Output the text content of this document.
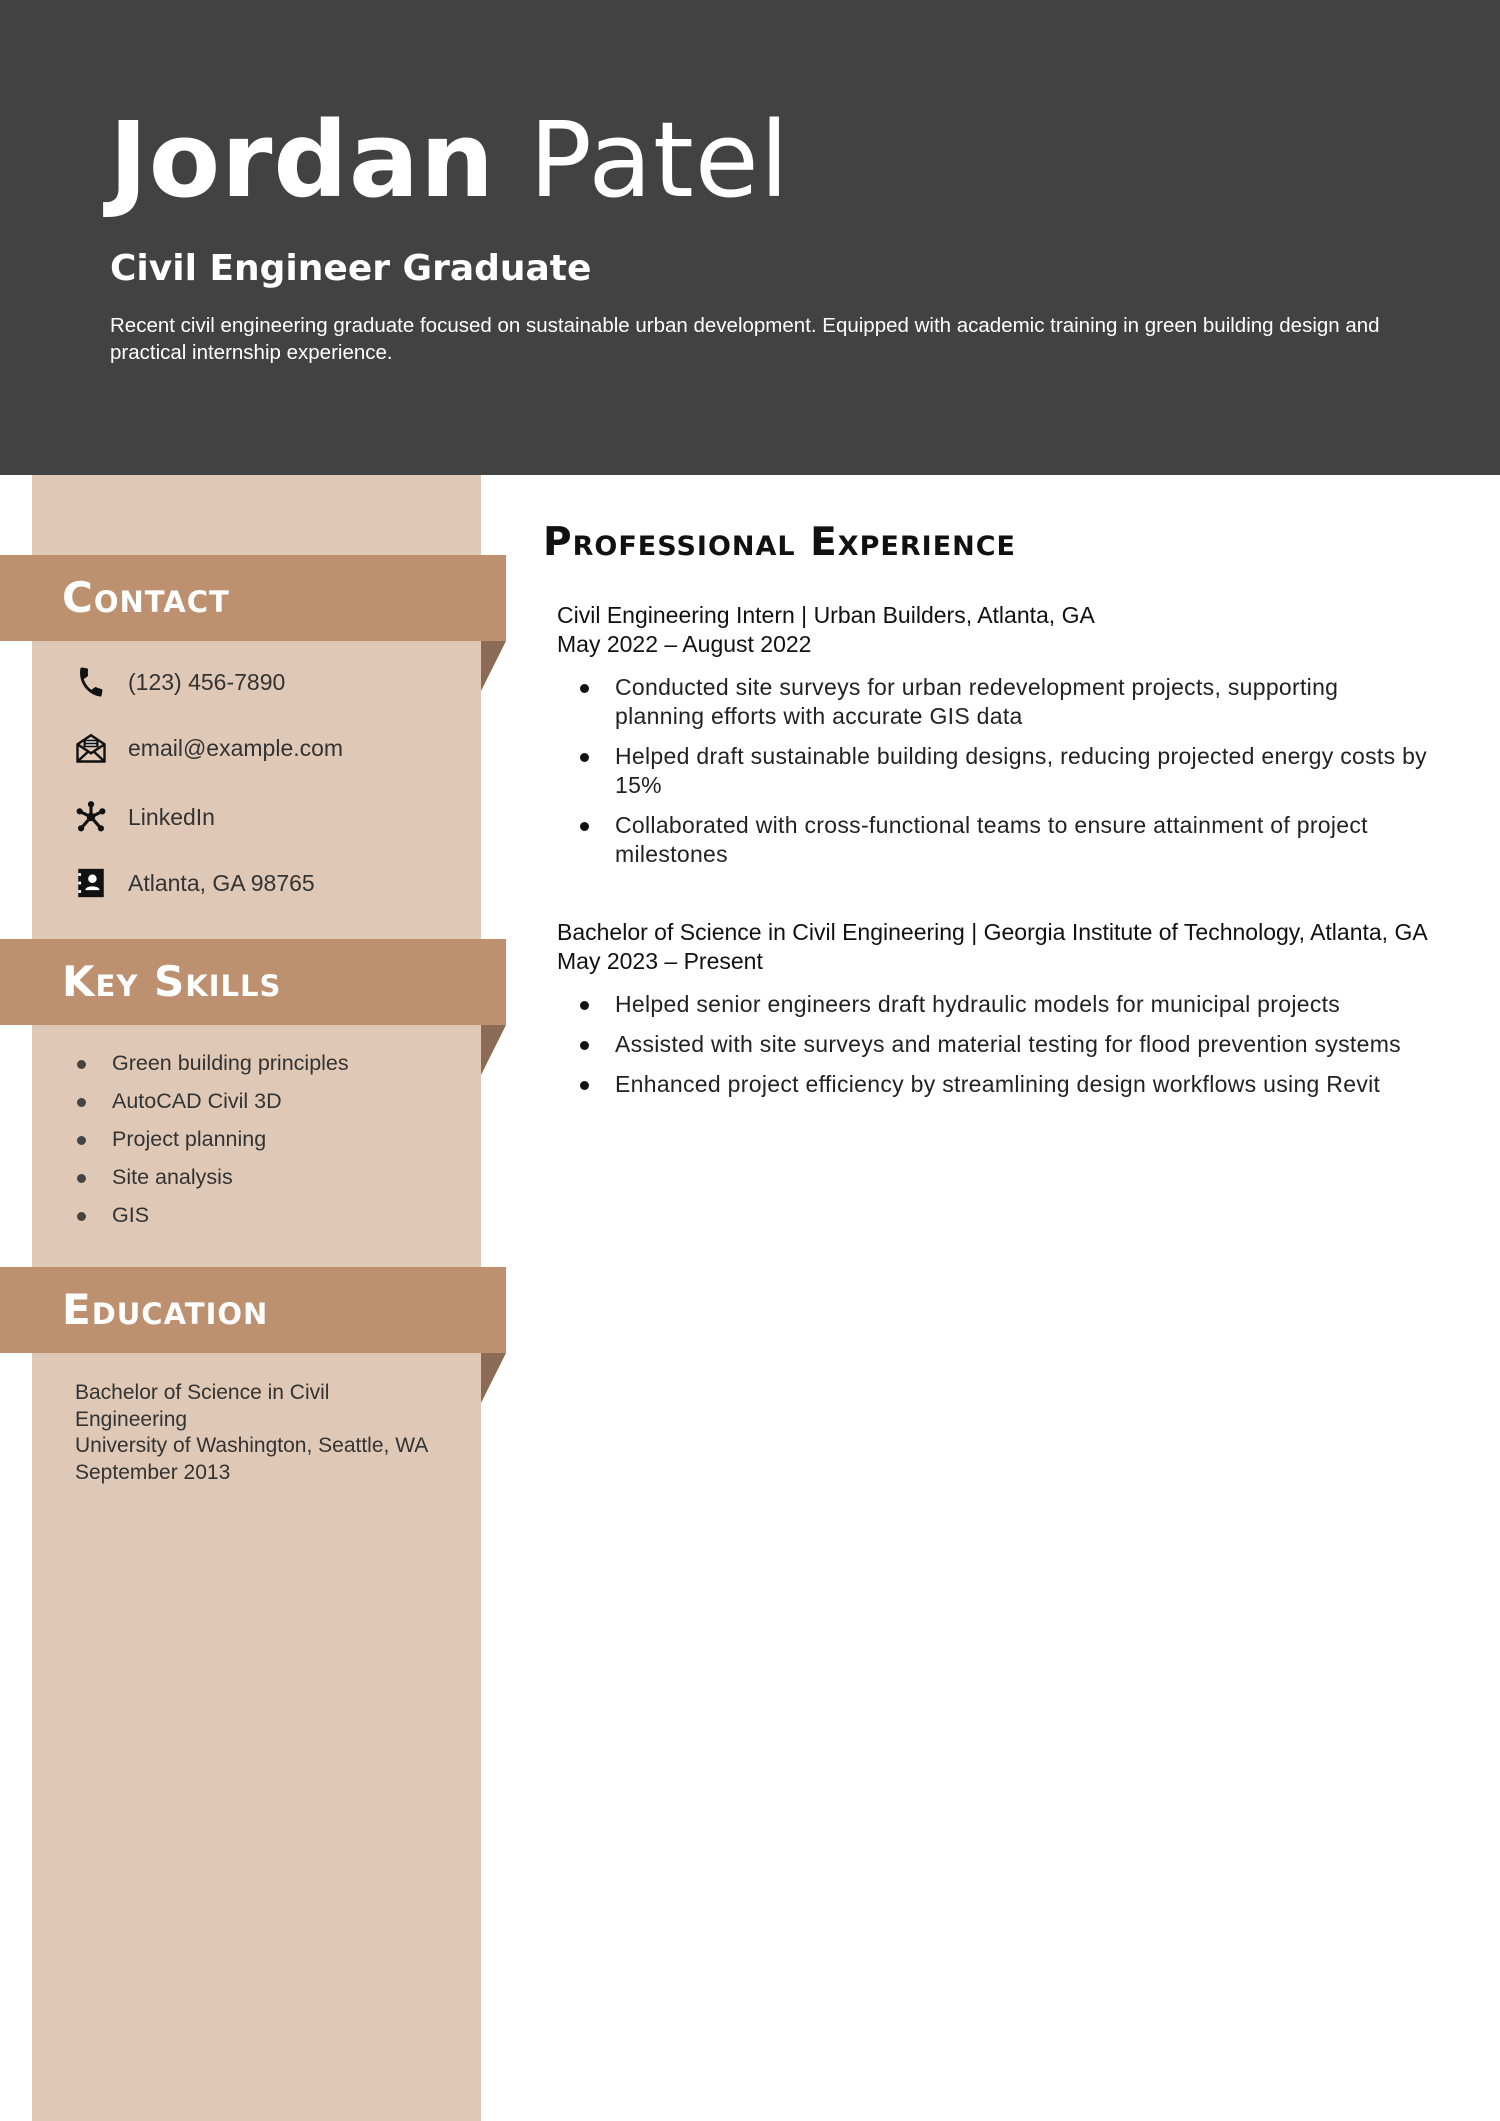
Jordan Patel
Civil Engineer Graduate
Recent civil engineering graduate focused on sustainable urban development. Equipped with academic training in green building design and practical internship experience.
Contact
(123) 456-7890
email@example.com
LinkedIn
Atlanta, GA 98765
Key Skills
Green building principles
AutoCAD Civil 3D
Project planning
Site analysis
GIS
Education
Bachelor of Science in Civil Engineering
University of Washington, Seattle, WA
September 2013
Professional Experience
Civil Engineering Intern | Urban Builders, Atlanta, GA
May 2022 – August 2022
Conducted site surveys for urban redevelopment projects, supporting planning efforts with accurate GIS data
Helped draft sustainable building designs, reducing projected energy costs by 15%
Collaborated with cross-functional teams to ensure attainment of project milestones
Bachelor of Science in Civil Engineering | Georgia Institute of Technology, Atlanta, GA
May 2023 – Present
Helped senior engineers draft hydraulic models for municipal projects
Assisted with site surveys and material testing for flood prevention systems
Enhanced project efficiency by streamlining design workflows using Revit
